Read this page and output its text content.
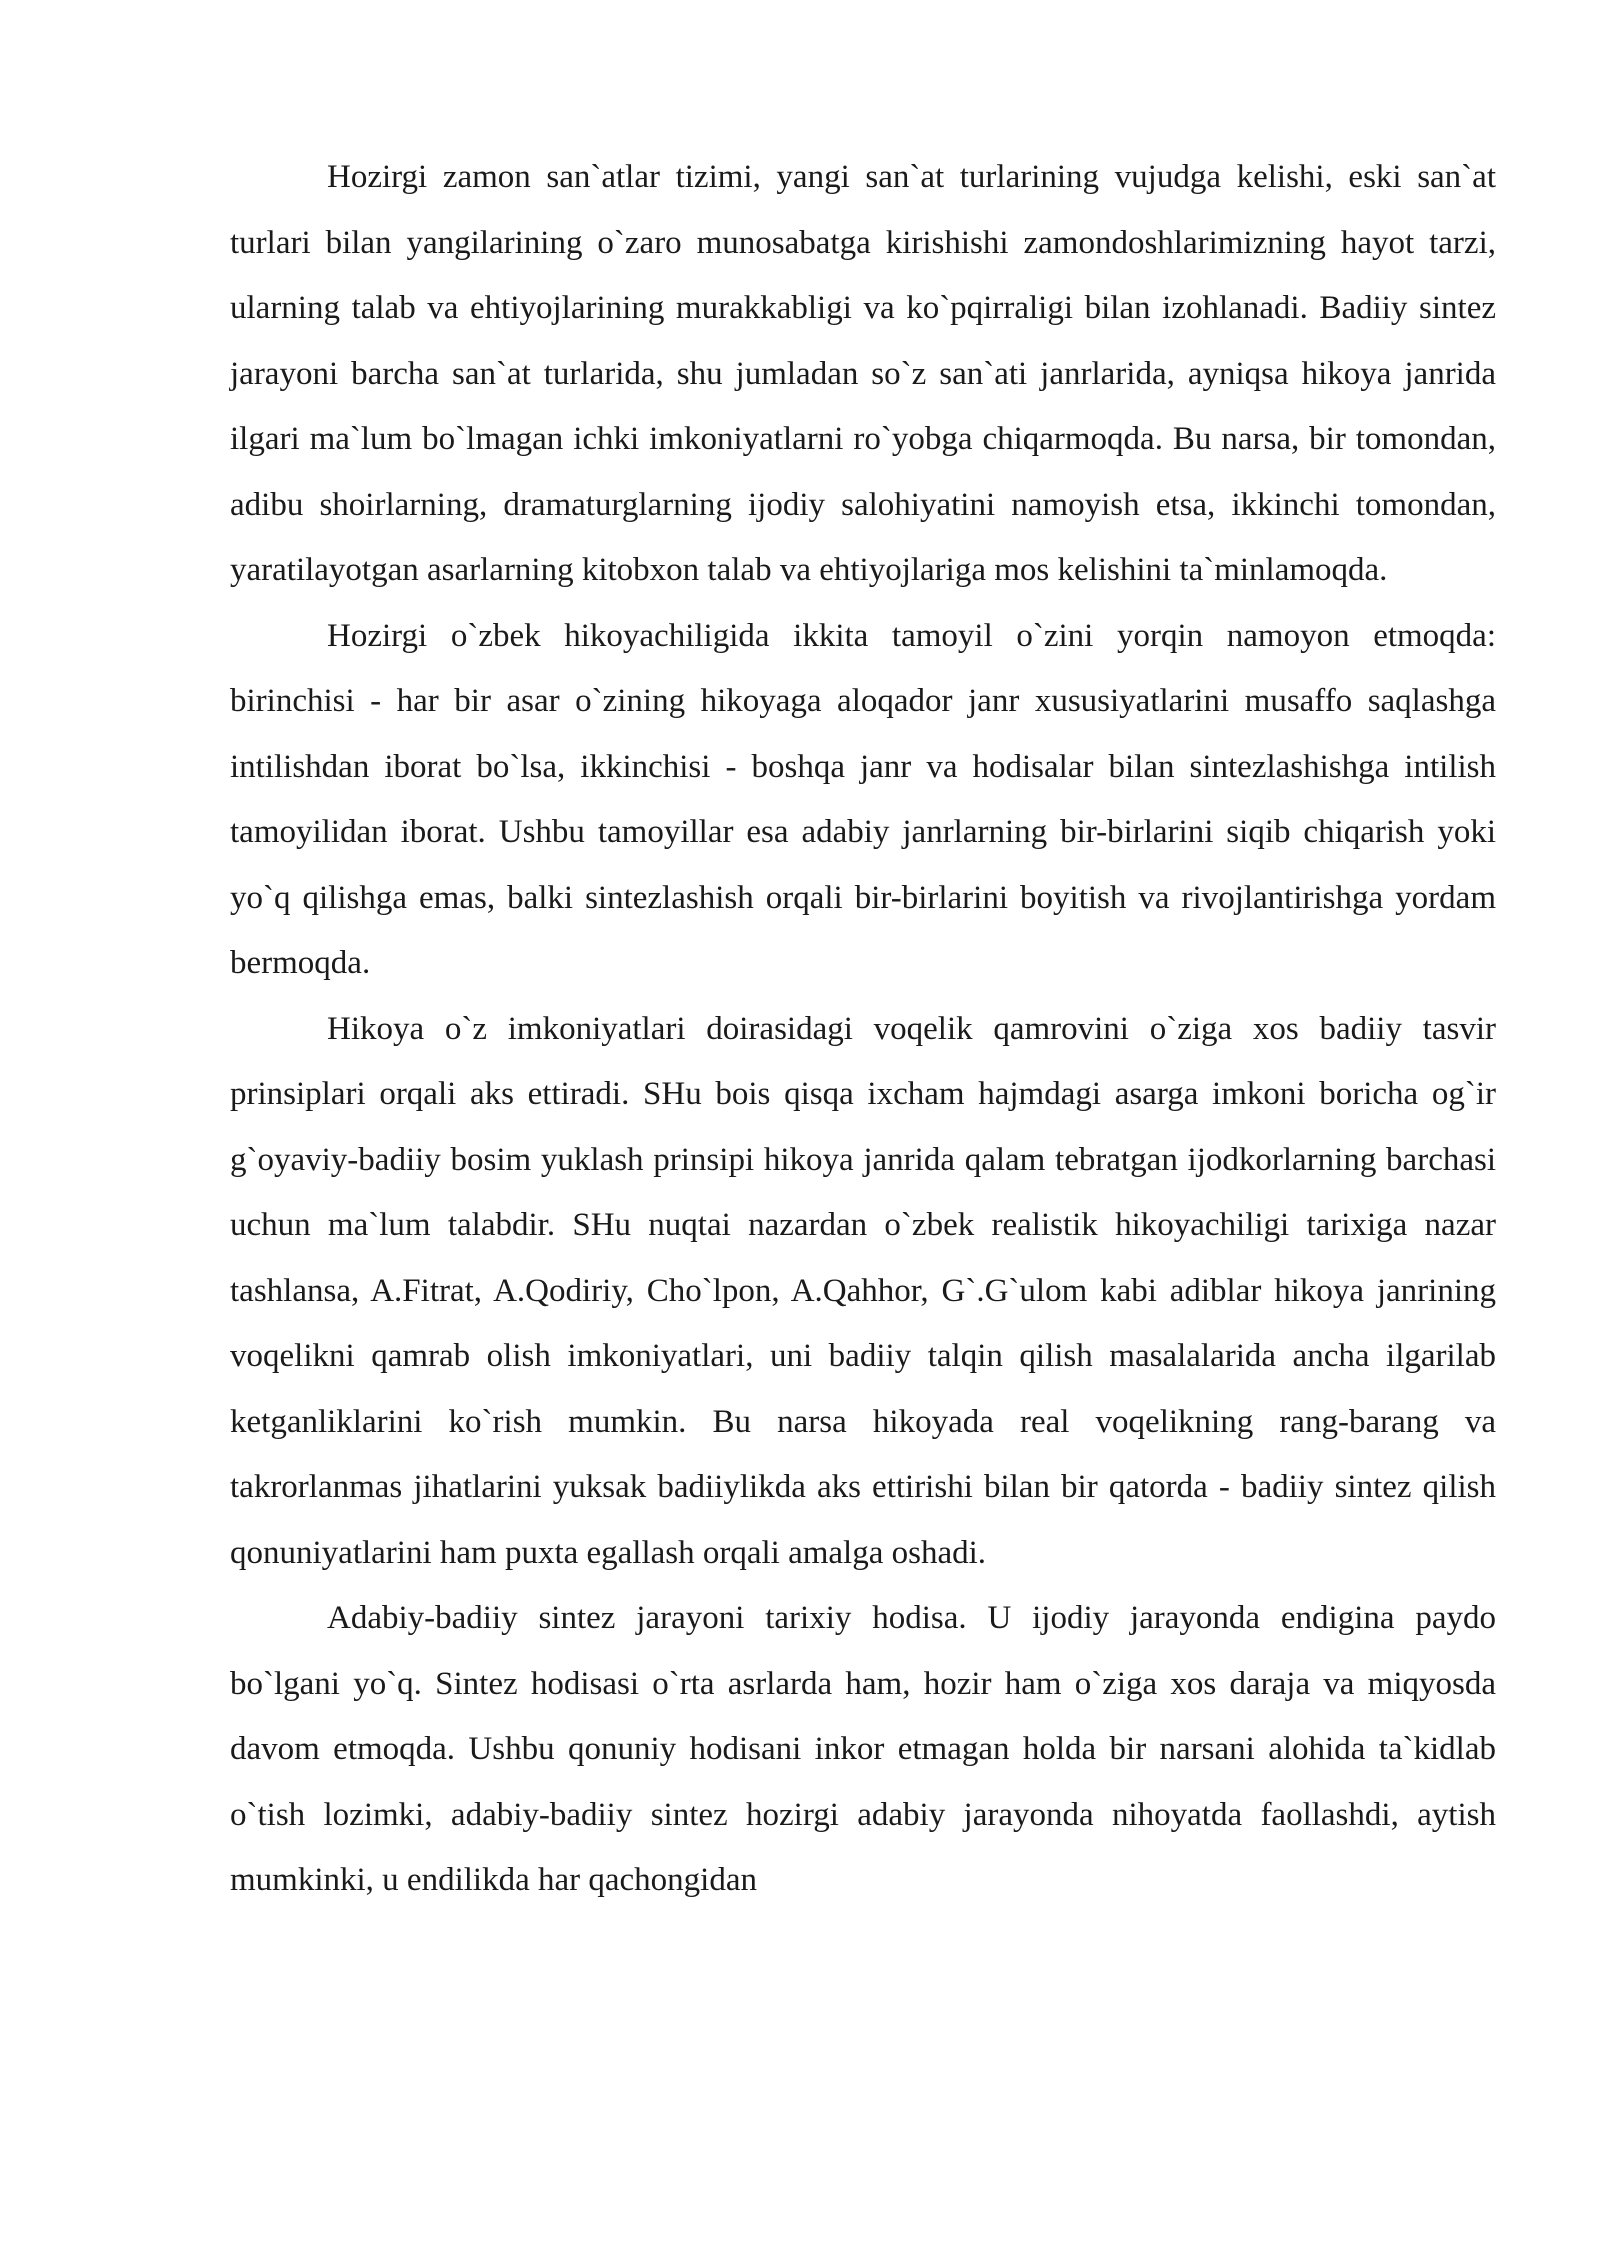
Hozirgi zamon san`atlar tizimi, yangi san`at turlarining vujudga kelishi, eski san`at turlari bilan yangilarining o`zaro munosabatga kirishishi zamondoshlarimizning hayot tarzi, ularning talab va ehtiyojlarining murakkabligi va ko`pqirraligi bilan izohlanadi. Badiiy sintez jarayoni barcha san`at turlarida, shu jumladan so`z san`ati janrlarida, ayniqsa hikoya janrida ilgari ma`lum bo`lmagan ichki imkoniyatlarni ro`yobga chiqarmoqda. Bu narsa, bir tomondan, adibu shoirlarning, dramaturglarning ijodiy salohiyatini namoyish etsa, ikkinchi tomondan, yaratilayotgan asarlarning kitobxon talab va ehtiyojlariga mos kelishini ta`minlamoqda.

Hozirgi o`zbek hikoyachiligida ikkita tamoyil o`zini yorqin namoyon etmoqda: birinchisi - har bir asar o`zining hikoyaga aloqador janr xususiyatlarini musaffo saqlashga intilishdan iborat bo`lsa, ikkinchisi - boshqa janr va hodisalar bilan sintezlashishga intilish tamoyilidan iborat. Ushbu tamoyillar esa adabiy janrlarning bir-birlarini siqib chiqarish yoki yo`q qilishga emas, balki sintezlashish orqali bir-birlarini boyitish va rivojlantirishga yordam bermoqda.

Hikoya o`z imkoniyatlari doirasidagi voqelik qamrovini o`ziga xos badiiy tasvir prinsiplari orqali aks ettiradi. SHu bois qisqa ixcham hajmdagi asarga imkoni boricha og`ir g`oyaviy-badiiy bosim yuklash prinsipi hikoya janrida qalam tebratgan ijodkorlarning barchasi uchun ma`lum talabdir. SHu nuqtai nazardan o`zbek realistik hikoyachiligi tarixiga nazar tashlansa, A.Fitrat, A.Qodiriy, Cho`lpon, A.Qahhor, G`.G`ulom kabi adiblar hikoya janrining voqelikni qamrab olish imkoniyatlari, uni badiiy talqin qilish masalalarida ancha ilgarilab ketganliklarini ko`rish mumkin. Bu narsa hikoyada real voqelikning rang-barang va takrorlanmas jihatlarini yuksak badiiylikda aks ettirishi bilan bir qatorda - badiiy sintez qilish qonuniyatlarini ham puxta egallash orqali amalga oshadi.

Adabiy-badiiy sintez jarayoni tarixiy hodisa. U ijodiy jarayonda endigina paydo bo`lgani yo`q. Sintez hodisasi o`rta asrlarda ham, hozir ham o`ziga xos daraja va miqyosda davom etmoqda. Ushbu qonuniy hodisani inkor etmagan holda bir narsani alohida ta`kidlab o`tish lozimki, adabiy-badiiy sintez hozirgi adabiy jarayonda nihoyatda faollashdi, aytish mumkinki, u endilikda har qachongidan
